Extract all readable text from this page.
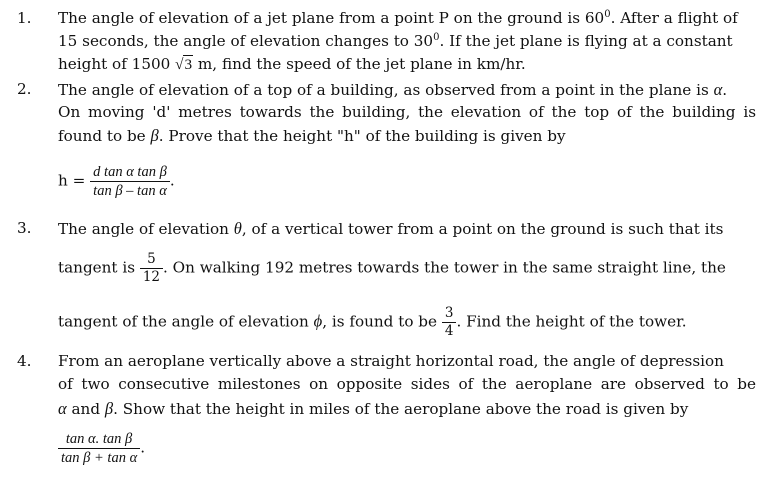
1. The angle of elevation of a jet plane from a point P on the ground is $60^0$. After a flight of
15 seconds, the angle of elevation changes to $30^0$. If the jet plane is flying at a constant
height of 1500 √3 m, find the speed of the jet plane in km/hr.
2. The angle of elevation of a top of a building, as observed from a point in the plane is α.
On moving 'd' metres towards the building, the elevation of the top of the building is
found to be β. Prove that the height "h" of the building is given by
$h = \frac{\text{d tan α tan β}}{\text{tan β – tan α}}$ .
3. The angle of elevation θ, of a vertical tower from a point on the ground is such that its
tangent is $\frac{5}{12}$ . On walking 192 metres towards the tower in the same straight line, the
tangent of the angle of elevation ϕ, is found to be $\frac{3}{4}$ . Find the height of the tower.
4. From an aeroplane vertically above a straight horizontal road, the angle of depression
of two consecutive milestones on opposite sides of the aeroplane are observed to be
α and β. Show that the height in miles of the aeroplane above the road is given by
$\frac{\text{tan α. tan β}}{\text{tan β + tan α}}$ .
